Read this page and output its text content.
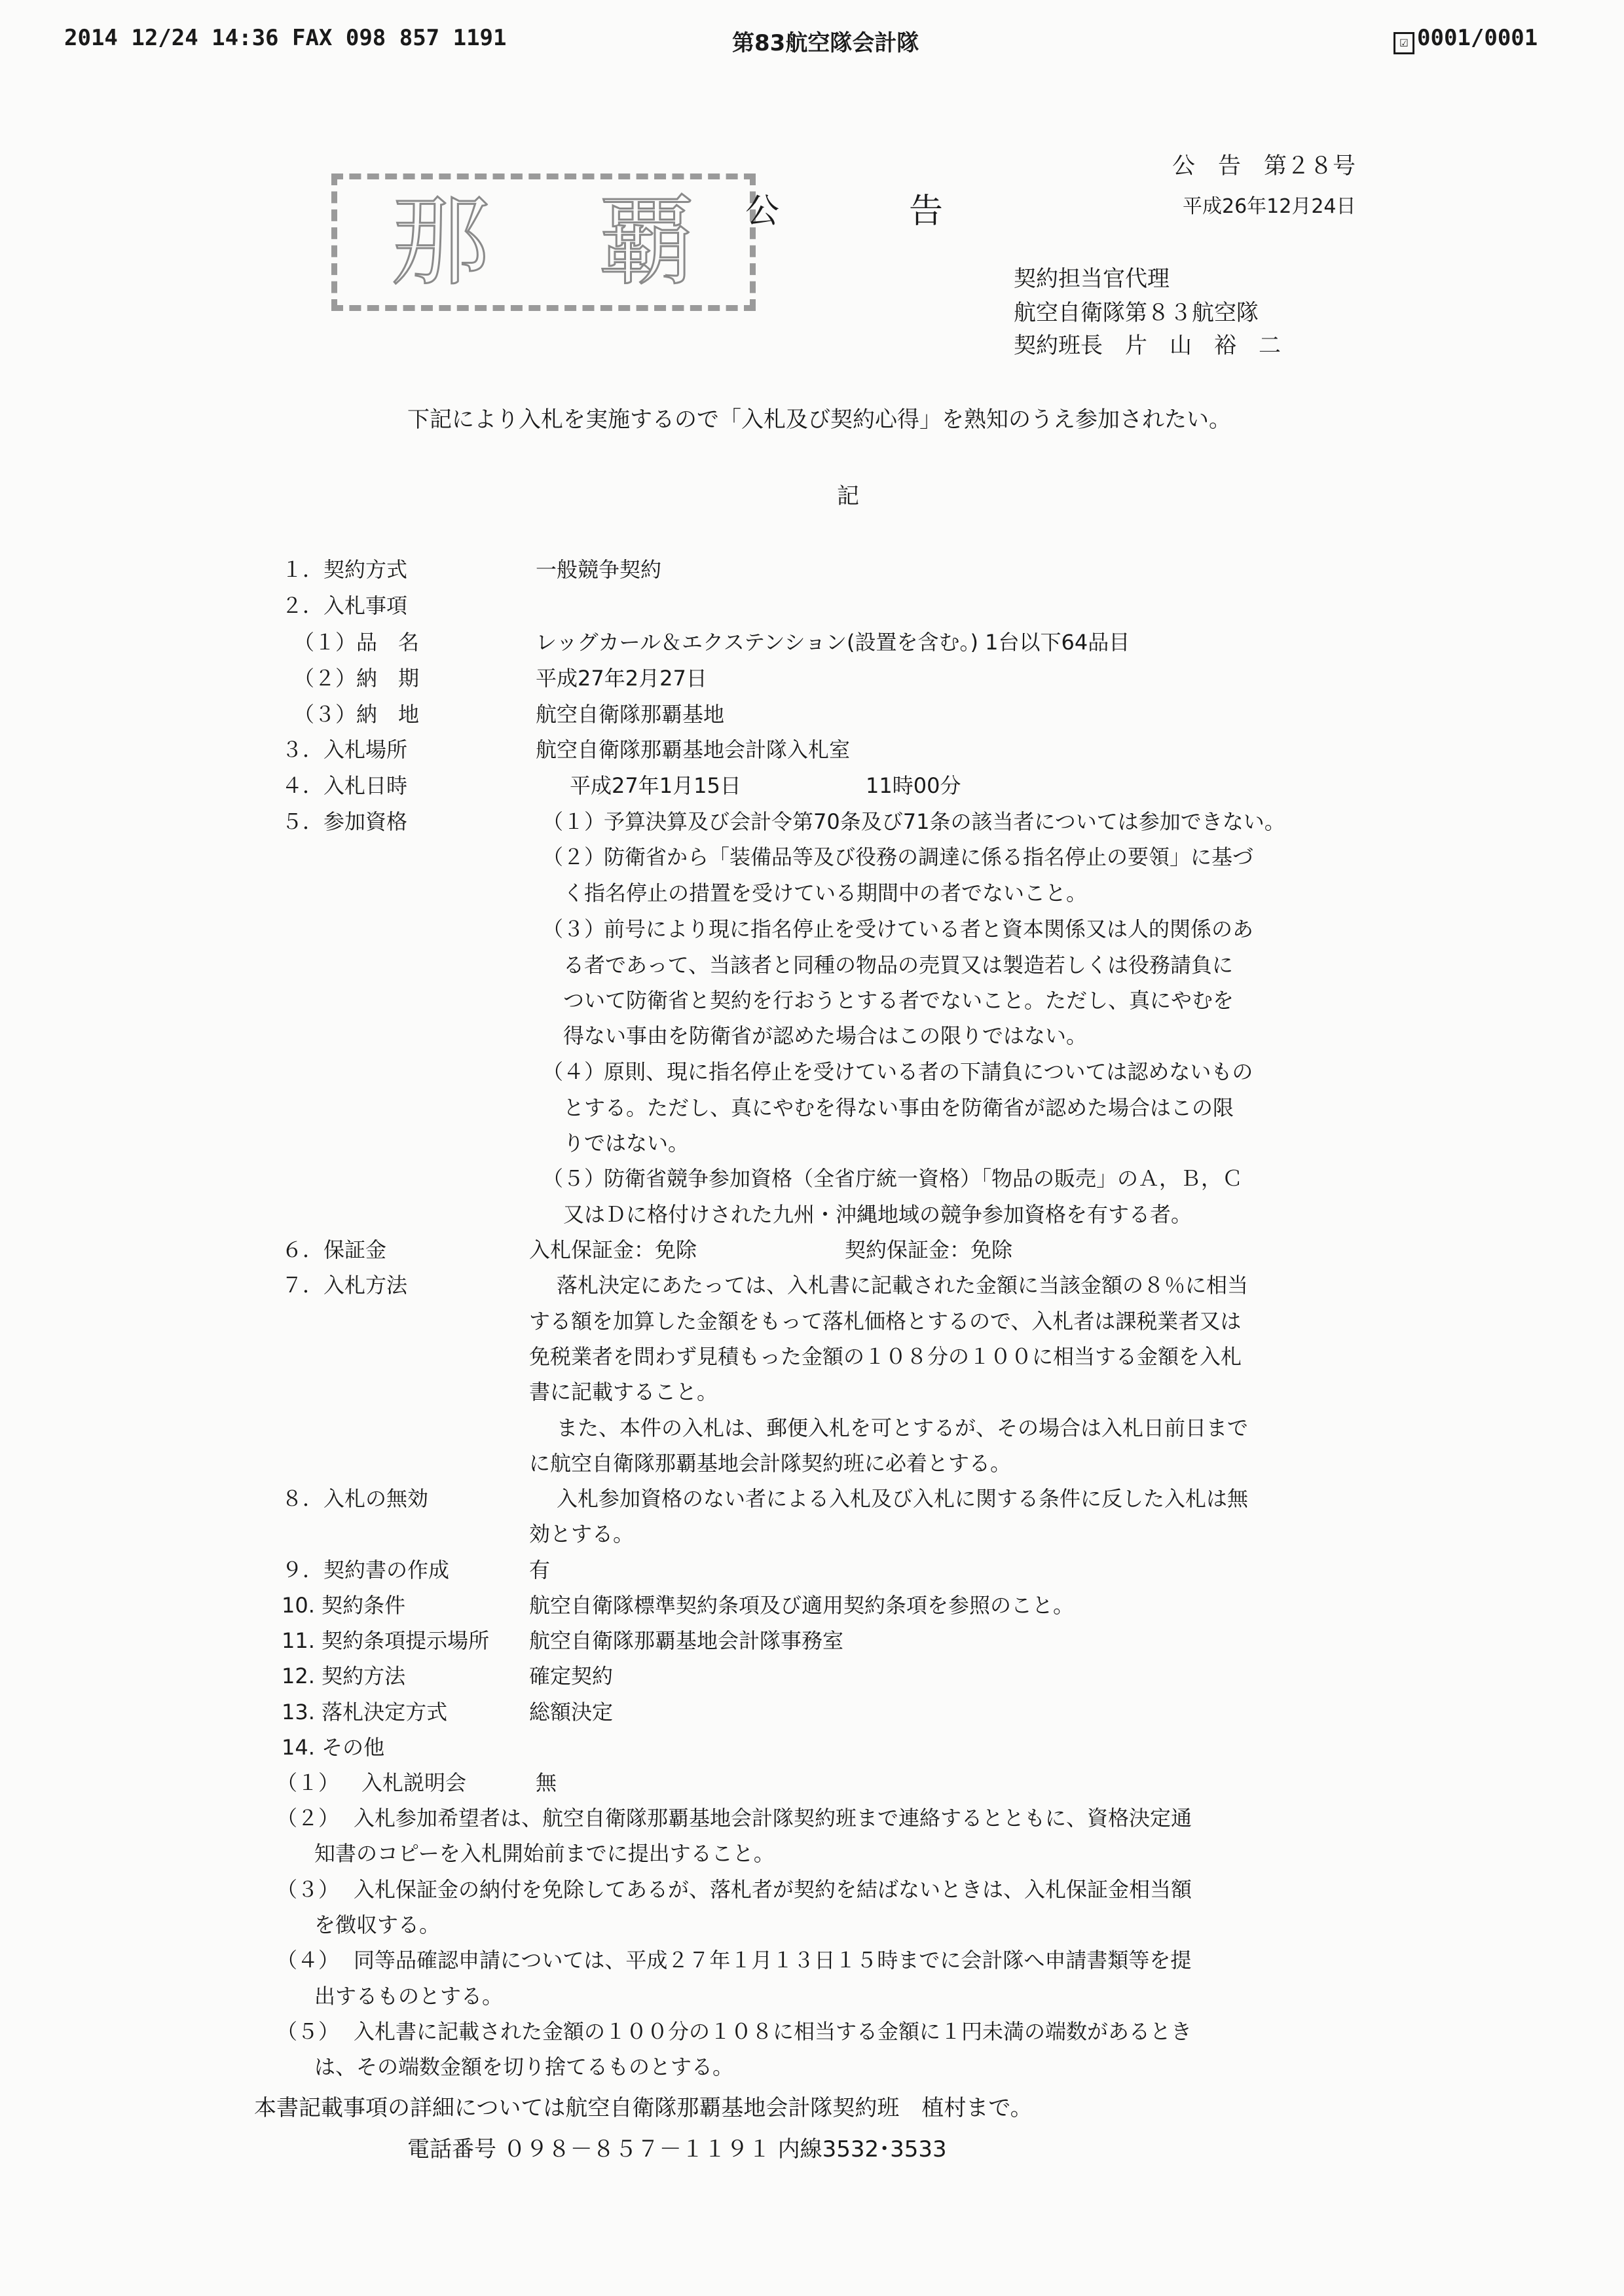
2014 12/24 14:36 FAX 098 857 1191	第83航空隊会計隊	☑ 0001/0001
那 覇 公	告
公　告　第２８号
平成26年12月24日
契約担当官代理
航空自衛隊第８３航空隊
契約班長　片　山　裕　二
下記により入札を実施するので「入札及び契約心得」を熟知のうえ参加されたい。
記
１．契約方式	一般競争契約
２．入札事項
（１）品　名	レッグカール＆エクステンション(設置を含む。) 1台以下64品目
（２）納　期	平成27年2月27日
（３）納　地	航空自衛隊那覇基地
３．入札場所	航空自衛隊那覇基地会計隊入札室
４．入札日時	平成27年1月15日	11時00分
５．参加資格	（１）
予算決算及び会計令第70条及び71条の該当者については参加できない。
（２）
防衛省から「装備品等及び役務の調達に係る指名停止の要領」に基づ
く指名停止の措置を受けている期間中の者でないこと。
（３）
前号により現に指名停止を受けている者と資本関係又は人的関係のあ
る者であって、当該者と同種の物品の売買又は製造若しくは役務請負に
ついて防衛省と契約を行おうとする者でないこと。ただし、真にやむを
得ない事由を防衛省が認めた場合はこの限りではない。
（４）
原則、現に指名停止を受けている者の下請負については認めないもの
とする。ただし、真にやむを得ない事由を防衛省が認めた場合はこの限
りではない。
（５）
防衛省競争参加資格（全省庁統一資格）「物品の販売」のＡ，Ｂ，Ｃ
又はＤに格付けされた九州・沖縄地域の競争参加資格を有する者。
６．保証金	入札保証金：免除	契約保証金：免除
７．入札方法	落札決定にあたっては、入札書に記載された金額に当該金額の８％に相当
する額を加算した金額をもって落札価格とするので、入札者は課税業者又は
免税業者を問わず見積もった金額の１０８分の１００に相当する金額を入札
書に記載すること。
また、本件の入札は、郵便入札を可とするが、その場合は入札日前日まで
に航空自衛隊那覇基地会計隊契約班に必着とする。
８．入札の無効	入札参加資格のない者による入札及び入札に関する条件に反した入札は無
効とする。
９．契約書の作成	有
10. 契約条件	航空自衛隊標準契約条項及び適用契約条項を参照のこと。
11. 契約条項提示場所 航空自衛隊那覇基地会計隊事務室
12. 契約方法	確定契約
13. 落札決定方式	総額決定
14. その他
（１） 入札説明会	無
（２） 入札参加希望者は、航空自衛隊那覇基地会計隊契約班まで連絡するとともに、資格決定通
知書のコピーを入札開始前までに提出すること。
（３） 入札保証金の納付を免除してあるが、落札者が契約を結ばないときは、入札保証金相当額
を徴収する。
（４） 同等品確認申請については、平成２７年１月１３日１５時までに会計隊へ申請書類等を提
出するものとする。
（５） 入札書に記載された金額の１００分の１０８に相当する金額に１円未満の端数があるとき
は、その端数金額を切り捨てるものとする。
本書記載事項の詳細については航空自衛隊那覇基地会計隊契約班　植村まで。
電話番号 ０９８－８５７－１１９１ 内線3532･3533
